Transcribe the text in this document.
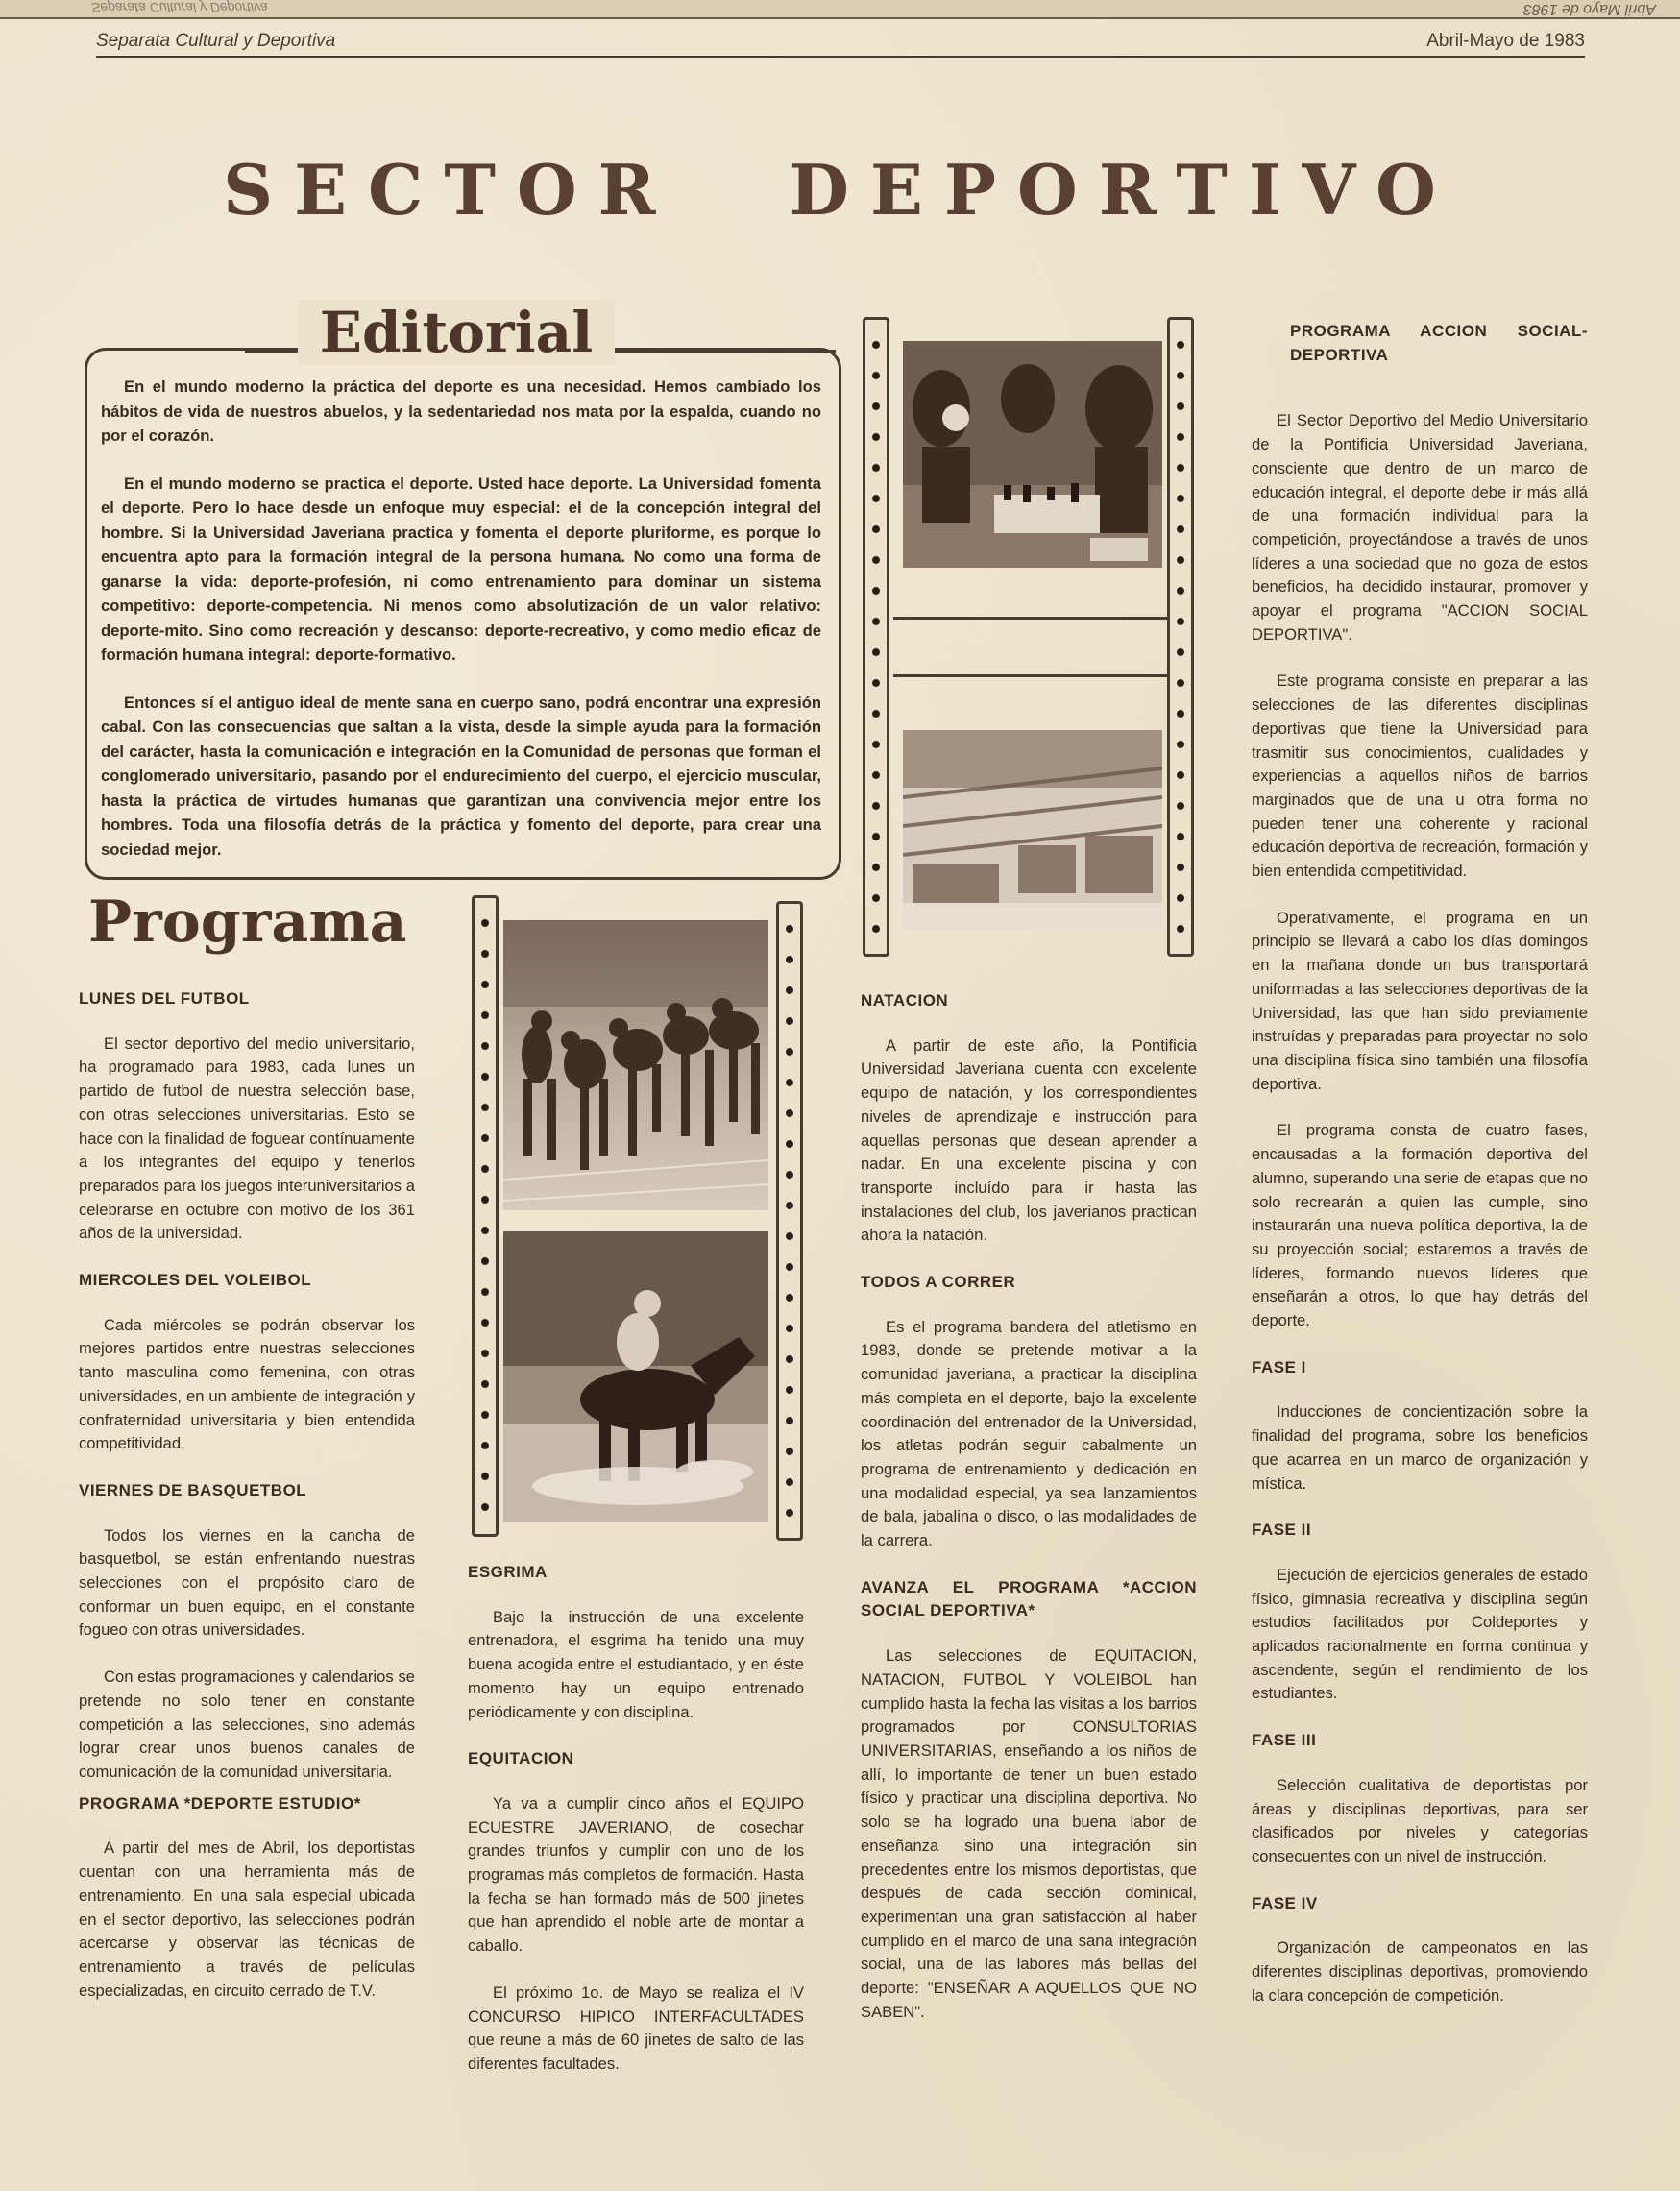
Separata Cultural y Deportiva	Abril Mayo de 1983
Separata Cultural y Deportiva	Abril-Mayo de 1983
SECTOR DEPORTIVO
Editorial

En el mundo moderno la práctica del deporte es una necesidad. Hemos cambiado los hábitos de vida de nuestros abuelos, y la sedentariedad nos mata por la espalda, cuando no por el corazón.

En el mundo moderno se practica el deporte. Usted hace deporte. La Universidad fomenta el deporte. Pero lo hace desde un enfoque muy especial: el de la concepción integral del hombre. Si la Universidad Javeriana practica y fomenta el deporte pluriforme, es porque lo encuentra apto para la formación integral de la persona humana. No como una forma de ganarse la vida: deporte-profesión, ni como entrenamiento para dominar un sistema competitivo: deporte-competencia. Ni menos como absolutización de un valor relativo: deporte-mito. Sino como recreación y descanso: deporte-recreativo, y como medio eficaz de formación humana integral: deporte-formativo.

Entonces sí el antiguo ideal de mente sana en cuerpo sano, podrá encontrar una expresión cabal. Con las consecuencias que saltan a la vista, desde la simple ayuda para la formación del carácter, hasta la comunicación e integración en la Comunidad de personas que forman el conglomerado universitario, pasando por el endurecimiento del cuerpo, el ejercicio muscular, hasta la práctica de virtudes humanas que garantizan una convivencia mejor entre los hombres. Toda una filosofía detrás de la práctica y fomento del deporte, para crear una sociedad mejor.

Programa
LUNES DEL FUTBOL

El sector deportivo del medio universitario, ha programado para 1983, cada lunes un partido de futbol de nuestra selección base, con otras selecciones universitarias. Esto se hace con la finalidad de foguear contínuamente a los integrantes del equipo y tenerlos preparados para los juegos interuniversitarios a celebrarse en octubre con motivo de los 361 años de la universidad.

MIERCOLES DEL VOLEIBOL

Cada miércoles se podrán observar los mejores partidos entre nuestras selecciones tanto masculina como femenina, con otras universidades, en un ambiente de integración y confraternidad universitaria y bien entendida competitividad.

VIERNES DE BASQUETBOL

Todos los viernes en la cancha de basquetbol, se están enfrentando nuestras selecciones con el propósito claro de conformar un buen equipo, en el constante fogueo con otras universidades.

Con estas programaciones y calendarios se pretende no solo tener en constante competición a las selecciones, sino además lograr crear unos buenos canales de comunicación de la comunidad universitaria.

PROGRAMA *DEPORTE ESTUDIO*

A partir del mes de Abril, los deportistas cuentan con una herramienta más de entrenamiento. En una sala especial ubicada en el sector deportivo, las selecciones podrán acercarse y observar las técnicas de entrenamiento a través de películas especializadas, en circuito cerrado de T.V.

ESGRIMA

Bajo la instrucción de una excelente entrenadora, el esgrima ha tenido una muy buena acogida entre el estudiantado, y en éste momento hay un equipo entrenado periódicamente y con disciplina.

EQUITACION

Ya va a cumplir cinco años el EQUIPO ECUESTRE JAVERIANO, de cosechar grandes triunfos y cumplir con uno de los programas más completos de formación. Hasta la fecha se han formado más de 500 jinetes que han aprendido el noble arte de montar a caballo.

El próximo 1o. de Mayo se realiza el IV CONCURSO HIPICO INTERFACULTADES que reune a más de 60 jinetes de salto de las diferentes facultades.

NATACION

A partir de este año, la Pontificia Universidad Javeriana cuenta con excelente equipo de natación, y los correspondientes niveles de aprendizaje e instrucción para aquellas personas que desean aprender a nadar. En una excelente piscina y con transporte incluído para ir hasta las instalaciones del club, los javerianos practican ahora la natación.

TODOS A CORRER

Es el programa bandera del atletismo en 1983, donde se pretende motivar a la comunidad javeriana, a practicar la disciplina más completa en el deporte, bajo la excelente coordinación del entrenador de la Universidad, los atletas podrán seguir cabalmente un programa de entrenamiento y dedicación en una modalidad especial, ya sea lanzamientos de bala, jabalina o disco, o las modalidades de la carrera.

AVANZA EL PROGRAMA *ACCION SOCIAL DEPORTIVA*

Las selecciones de EQUITACION, NATACION, FUTBOL Y VOLEIBOL han cumplido hasta la fecha las visitas a los barrios programados por CONSULTORIAS UNIVERSITARIAS, enseñando a los niños de allí, lo importante de tener un buen estado físico y practicar una disciplina deportiva. No solo se ha logrado una buena labor de enseñanza sino una integración sin precedentes entre los mismos deportistas, que después de cada sección dominical, experimentan una gran satisfacción al haber cumplido en el marco de una sana integración social, una de las labores más bellas del deporte: "ENSEÑAR A AQUELLOS QUE NO SABEN".

PROGRAMA ACCION SOCIAL-DEPORTIVA

El Sector Deportivo del Medio Universitario de la Pontificia Universidad Javeriana, consciente que dentro de un marco de educación integral, el deporte debe ir más allá de una formación individual para la competición, proyectándose a través de unos líderes a una sociedad que no goza de estos beneficios, ha decidido instaurar, promover y apoyar el programa "ACCION SOCIAL DEPORTIVA".

Este programa consiste en preparar a las selecciones de las diferentes disciplinas deportivas que tiene la Universidad para trasmitir sus conocimientos, cualidades y experiencias a aquellos niños de barrios marginados que de una u otra forma no pueden tener una coherente y racional educación deportiva de recreación, formación y bien entendida competitividad.

Operativamente, el programa en un principio se llevará a cabo los días domingos en la mañana donde un bus transportará uniformadas a las selecciones deportivas de la Universidad, las que han sido previamente instruídas y preparadas para proyectar no solo una disciplina física sino también una filosofía deportiva.

El programa consta de cuatro fases, encausadas a la formación deportiva del alumno, superando una serie de etapas que no solo recrearán a quien las cumple, sino instaurarán una nueva política deportiva, la de su proyección social; estaremos a través de líderes, formando nuevos líderes que enseñarán a otros, lo que hay detrás del deporte.

FASE I

Inducciones de concientización sobre la finalidad del programa, sobre los beneficios que acarrea en un marco de organización y mística.

FASE II

Ejecución de ejercicios generales de estado físico, gimnasia recreativa y disciplina según estudios facilitados por Coldeportes y aplicados racionalmente en forma continua y ascendente, según el rendimiento de los estudiantes.

FASE III

Selección cualitativa de deportistas por áreas y disciplinas deportivas, para ser clasificados por niveles y categorías consecuentes con un nivel de instrucción.

FASE IV

Organización de campeonatos en las diferentes disciplinas deportivas, promoviendo la clara concepción de competición.
